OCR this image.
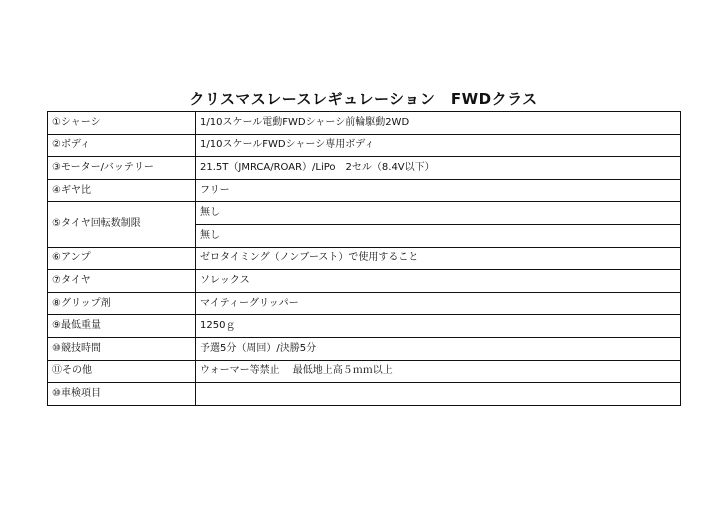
クリスマスレースレギュレーション　FWDクラス
①シャーシ	1/10スケール電動FWDシャーシ前輪駆動2WD
②ボディ	1/10スケールFWDシャーシ専用ボディ
③モーター/バッテリー	21.5T（JMRCA/ROAR）/LiPo　2セル（8.4V以下）
④ギヤ比	フリー
⑤タイヤ回転数制限	無し
	無し
⑥アンプ	ゼロタイミング（ノンブースト）で使用すること
⑦タイヤ	ソレックス
⑧グリップ剤	マイティーグリッパー
⑨最低重量	1250ｇ
⑩競技時間	予選5分（周回）/決勝5分
⑪その他	ウォーマー等禁止　 最低地上高５ｍｍ以上
⑩車検項目	
